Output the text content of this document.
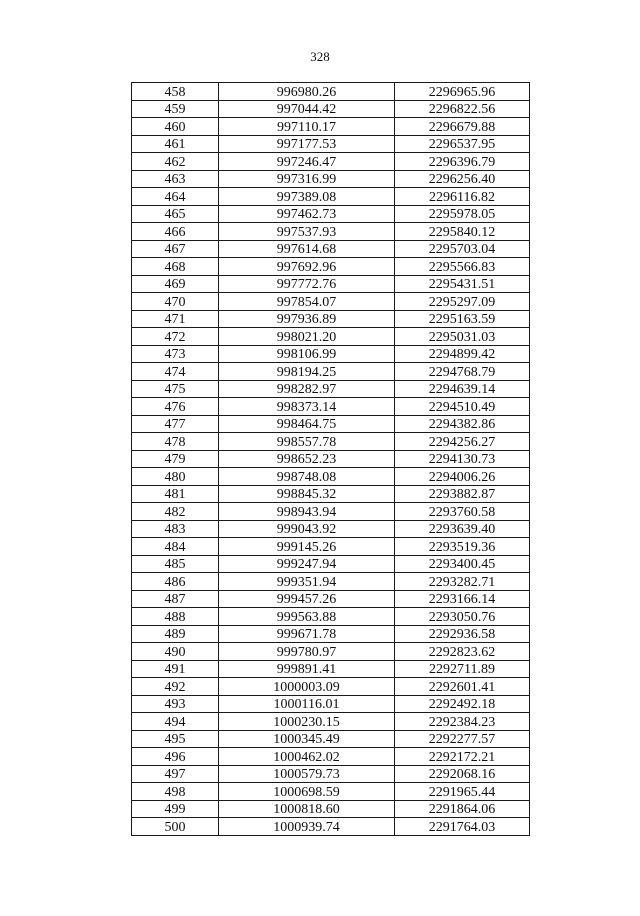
328
458	996980.26	2296965.96
459	997044.42	2296822.56
460	997110.17	2296679.88
461	997177.53	2296537.95
462	997246.47	2296396.79
463	997316.99	2296256.40
464	997389.08	2296116.82
465	997462.73	2295978.05
466	997537.93	2295840.12
467	997614.68	2295703.04
468	997692.96	2295566.83
469	997772.76	2295431.51
470	997854.07	2295297.09
471	997936.89	2295163.59
472	998021.20	2295031.03
473	998106.99	2294899.42
474	998194.25	2294768.79
475	998282.97	2294639.14
476	998373.14	2294510.49
477	998464.75	2294382.86
478	998557.78	2294256.27
479	998652.23	2294130.73
480	998748.08	2294006.26
481	998845.32	2293882.87
482	998943.94	2293760.58
483	999043.92	2293639.40
484	999145.26	2293519.36
485	999247.94	2293400.45
486	999351.94	2293282.71
487	999457.26	2293166.14
488	999563.88	2293050.76
489	999671.78	2292936.58
490	999780.97	2292823.62
491	999891.41	2292711.89
492	1000003.09	2292601.41
493	1000116.01	2292492.18
494	1000230.15	2292384.23
495	1000345.49	2292277.57
496	1000462.02	2292172.21
497	1000579.73	2292068.16
498	1000698.59	2291965.44
499	1000818.60	2291864.06
500	1000939.74	2291764.03
